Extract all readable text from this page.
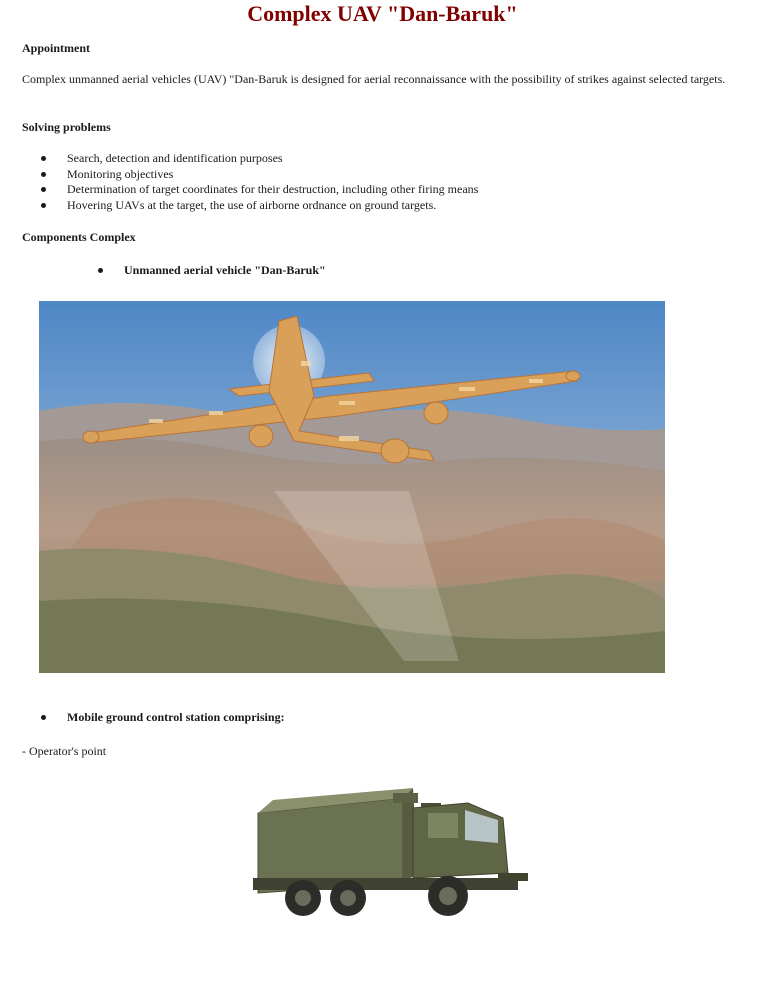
Complex UAV "Dan-Baruk"

Appointment

Complex unmanned aerial vehicles (UAV) "Dan-Baruk is designed for aerial reconnaissance with the possibility of strikes against selected targets.

Solving problems

Search, detection and identification purposes
Monitoring objectives
Determination of target coordinates for their destruction, including other firing means
Hovering UAVs at the target, the use of airborne ordnance on ground targets.

Components Complex

Unmanned aerial vehicle "Dan-Baruk"
Mobile ground control station comprising:
- Operator's point
